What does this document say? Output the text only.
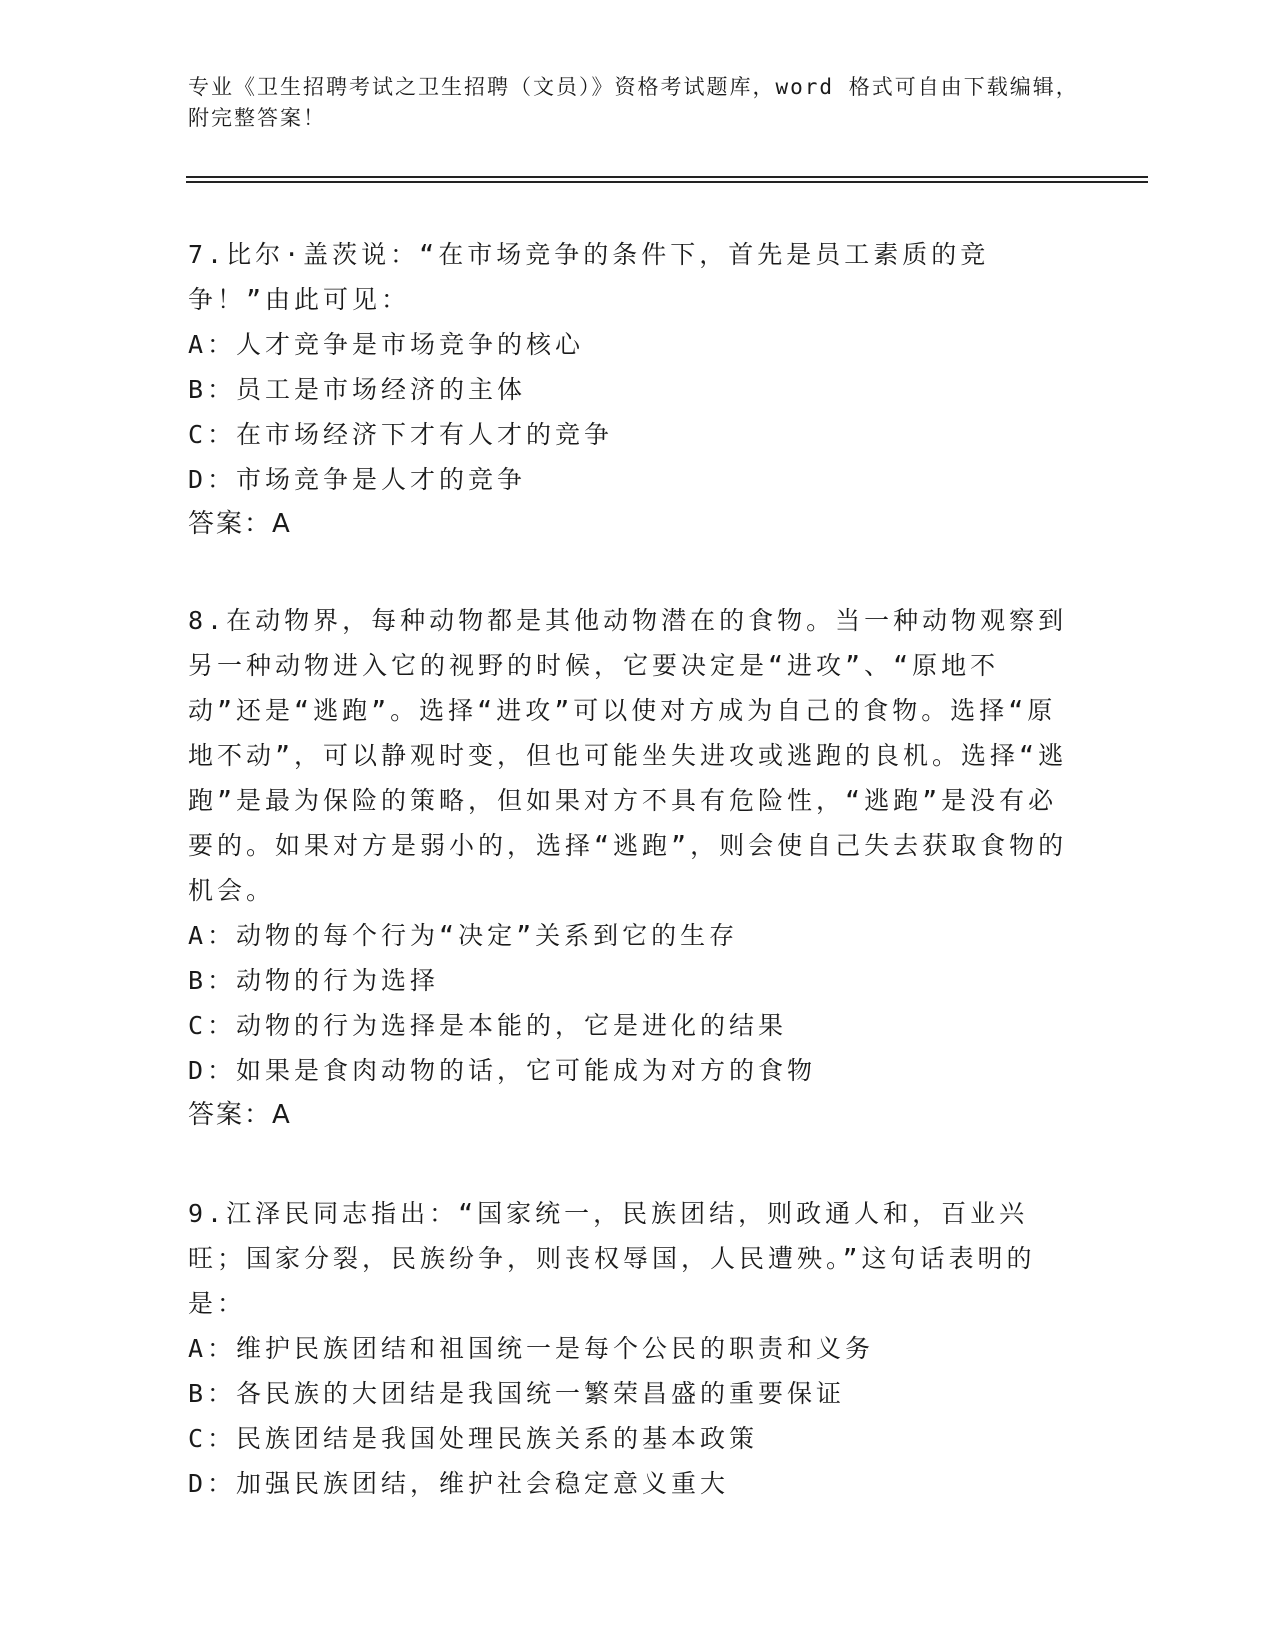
专业《卫生招聘考试之卫生招聘（文员）》资格考试题库，word 格式可自由下载编辑，附完整答案！
7.比尔·盖茨说：“在市场竞争的条件下，首先是员工素质的竞争！”由此可见：
A：人才竞争是市场竞争的核心
B：员工是市场经济的主体
C：在市场经济下才有人才的竞争
D：市场竞争是人才的竞争
答案：A
8.在动物界，每种动物都是其他动物潜在的食物。当一种动物观察到另一种动物进入它的视野的时候，它要决定是“进攻”、“原地不动”还是“逃跑”。选择“进攻”可以使对方成为自己的食物。选择“原地不动”，可以静观时变，但也可能坐失进攻或逃跑的良机。选择“逃跑”是最为保险的策略，但如果对方不具有危险性，“逃跑”是没有必要的。如果对方是弱小的，选择“逃跑”，则会使自己失去获取食物的机会。
A：动物的每个行为“决定”关系到它的生存
B：动物的行为选择
C：动物的行为选择是本能的，它是进化的结果
D：如果是食肉动物的话，它可能成为对方的食物
答案：A
9.江泽民同志指出：“国家统一，民族团结，则政通人和，百业兴旺；国家分裂，民族纷争，则丧权辱国，人民遭殃。”这句话表明的是：
A：维护民族团结和祖国统一是每个公民的职责和义务
B：各民族的大团结是我国统一繁荣昌盛的重要保证
C：民族团结是我国处理民族关系的基本政策
D：加强民族团结，维护社会稳定意义重大
